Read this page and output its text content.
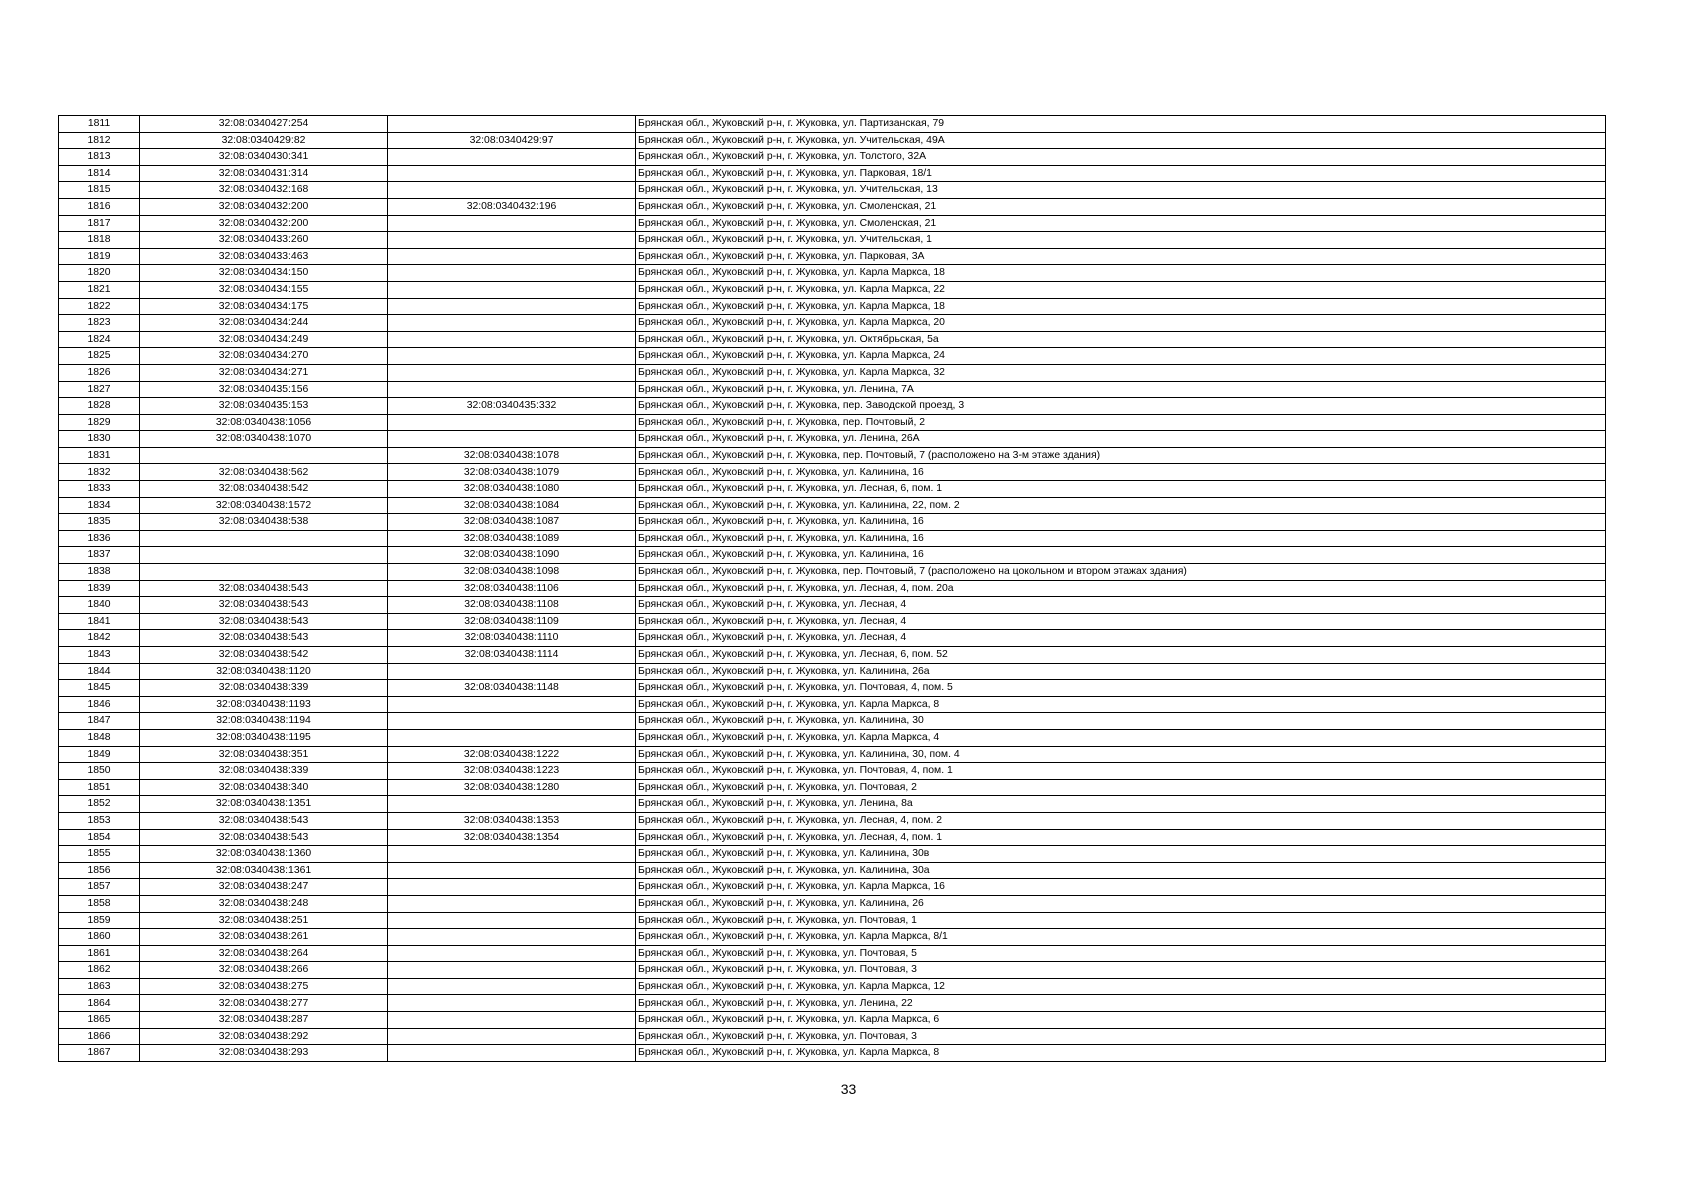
1811	32:08:0340427:254		Брянская обл., Жуковский р-н, г. Жуковка, ул. Партизанская, 79
1812	32:08:0340429:82	32:08:0340429:97	Брянская обл., Жуковский р-н, г. Жуковка, ул. Учительская, 49А
1813	32:08:0340430:341		Брянская обл., Жуковский р-н, г. Жуковка, ул. Толстого, 32А
1814	32:08:0340431:314		Брянская обл., Жуковский р-н, г. Жуковка, ул. Парковая, 18/1
1815	32:08:0340432:168		Брянская обл., Жуковский р-н, г. Жуковка, ул. Учительская, 13
1816	32:08:0340432:200	32:08:0340432:196	Брянская обл., Жуковский р-н, г. Жуковка, ул. Смоленская, 21
1817	32:08:0340432:200		Брянская обл., Жуковский р-н, г. Жуковка, ул. Смоленская, 21
1818	32:08:0340433:260		Брянская обл., Жуковский р-н, г. Жуковка, ул. Учительская, 1
1819	32:08:0340433:463		Брянская обл., Жуковский р-н, г. Жуковка, ул. Парковая, 3А
1820	32:08:0340434:150		Брянская обл., Жуковский р-н, г. Жуковка, ул. Карла Маркса, 18
1821	32:08:0340434:155		Брянская обл., Жуковский р-н, г. Жуковка, ул. Карла Маркса, 22
1822	32:08:0340434:175		Брянская обл., Жуковский р-н, г. Жуковка, ул. Карла Маркса, 18
1823	32:08:0340434:244		Брянская обл., Жуковский р-н, г. Жуковка, ул. Карла Маркса, 20
1824	32:08:0340434:249		Брянская обл., Жуковский р-н, г. Жуковка, ул. Октябрьская, 5а
1825	32:08:0340434:270		Брянская обл., Жуковский р-н, г. Жуковка, ул. Карла Маркса, 24
1826	32:08:0340434:271		Брянская обл., Жуковский р-н, г. Жуковка, ул. Карла Маркса, 32
1827	32:08:0340435:156		Брянская обл., Жуковский р-н, г. Жуковка, ул. Ленина, 7А
1828	32:08:0340435:153	32:08:0340435:332	Брянская обл., Жуковский р-н, г. Жуковка, пер. Заводской проезд, 3
1829	32:08:0340438:1056		Брянская обл., Жуковский р-н, г. Жуковка, пер. Почтовый, 2
1830	32:08:0340438:1070		Брянская обл., Жуковский р-н, г. Жуковка, ул. Ленина, 26А
1831		32:08:0340438:1078	Брянская обл., Жуковский р-н, г. Жуковка, пер. Почтовый, 7 (расположено на 3-м этаже здания)
1832	32:08:0340438:562	32:08:0340438:1079	Брянская обл., Жуковский р-н, г. Жуковка, ул. Калинина, 16
1833	32:08:0340438:542	32:08:0340438:1080	Брянская обл., Жуковский р-н, г. Жуковка, ул. Лесная, 6, пом. 1
1834	32:08:0340438:1572	32:08:0340438:1084	Брянская обл., Жуковский р-н, г. Жуковка, ул. Калинина, 22, пом. 2
1835	32:08:0340438:538	32:08:0340438:1087	Брянская обл., Жуковский р-н, г. Жуковка, ул. Калинина, 16
1836		32:08:0340438:1089	Брянская обл., Жуковский р-н, г. Жуковка, ул. Калинина, 16
1837		32:08:0340438:1090	Брянская обл., Жуковский р-н, г. Жуковка, ул. Калинина, 16
1838		32:08:0340438:1098	Брянская обл., Жуковский р-н, г. Жуковка, пер. Почтовый, 7 (расположено на цокольном и втором этажах здания)
1839	32:08:0340438:543	32:08:0340438:1106	Брянская обл., Жуковский р-н, г. Жуковка, ул. Лесная, 4, пом. 20а
1840	32:08:0340438:543	32:08:0340438:1108	Брянская обл., Жуковский р-н, г. Жуковка, ул. Лесная, 4
1841	32:08:0340438:543	32:08:0340438:1109	Брянская обл., Жуковский р-н, г. Жуковка, ул. Лесная, 4
1842	32:08:0340438:543	32:08:0340438:1110	Брянская обл., Жуковский р-н, г. Жуковка, ул. Лесная, 4
1843	32:08:0340438:542	32:08:0340438:1114	Брянская обл., Жуковский р-н, г. Жуковка, ул. Лесная, 6, пом. 52
1844	32:08:0340438:1120		Брянская обл., Жуковский р-н, г. Жуковка, ул. Калинина, 26а
1845	32:08:0340438:339	32:08:0340438:1148	Брянская обл., Жуковский р-н, г. Жуковка, ул. Почтовая, 4, пом. 5
1846	32:08:0340438:1193		Брянская обл., Жуковский р-н, г. Жуковка, ул. Карла Маркса, 8
1847	32:08:0340438:1194		Брянская обл., Жуковский р-н, г. Жуковка, ул. Калинина, 30
1848	32:08:0340438:1195		Брянская обл., Жуковский р-н, г. Жуковка, ул. Карла Маркса, 4
1849	32:08:0340438:351	32:08:0340438:1222	Брянская обл., Жуковский р-н, г. Жуковка, ул. Калинина, 30, пом. 4
1850	32:08:0340438:339	32:08:0340438:1223	Брянская обл., Жуковский р-н, г. Жуковка, ул. Почтовая, 4, пом. 1
1851	32:08:0340438:340	32:08:0340438:1280	Брянская обл., Жуковский р-н, г. Жуковка, ул. Почтовая, 2
1852	32:08:0340438:1351		Брянская обл., Жуковский р-н, г. Жуковка, ул. Ленина, 8а
1853	32:08:0340438:543	32:08:0340438:1353	Брянская обл., Жуковский р-н, г. Жуковка, ул. Лесная, 4, пом. 2
1854	32:08:0340438:543	32:08:0340438:1354	Брянская обл., Жуковский р-н, г. Жуковка, ул. Лесная, 4, пом. 1
1855	32:08:0340438:1360		Брянская обл., Жуковский р-н, г. Жуковка, ул. Калинина, 30в
1856	32:08:0340438:1361		Брянская обл., Жуковский р-н, г. Жуковка, ул. Калинина, 30а
1857	32:08:0340438:247		Брянская обл., Жуковский р-н, г. Жуковка, ул. Карла Маркса, 16
1858	32:08:0340438:248		Брянская обл., Жуковский р-н, г. Жуковка, ул. Калинина, 26
1859	32:08:0340438:251		Брянская обл., Жуковский р-н, г. Жуковка, ул. Почтовая, 1
1860	32:08:0340438:261		Брянская обл., Жуковский р-н, г. Жуковка, ул. Карла Маркса, 8/1
1861	32:08:0340438:264		Брянская обл., Жуковский р-н, г. Жуковка, ул. Почтовая, 5
1862	32:08:0340438:266		Брянская обл., Жуковский р-н, г. Жуковка, ул. Почтовая, 3
1863	32:08:0340438:275		Брянская обл., Жуковский р-н, г. Жуковка, ул. Карла Маркса, 12
1864	32:08:0340438:277		Брянская обл., Жуковский р-н, г. Жуковка, ул. Ленина, 22
1865	32:08:0340438:287		Брянская обл., Жуковский р-н, г. Жуковка, ул. Карла Маркса, 6
1866	32:08:0340438:292		Брянская обл., Жуковский р-н, г. Жуковка, ул. Почтовая, 3
1867	32:08:0340438:293		Брянская обл., Жуковский р-н, г. Жуковка, ул. Карла Маркса, 8
33
